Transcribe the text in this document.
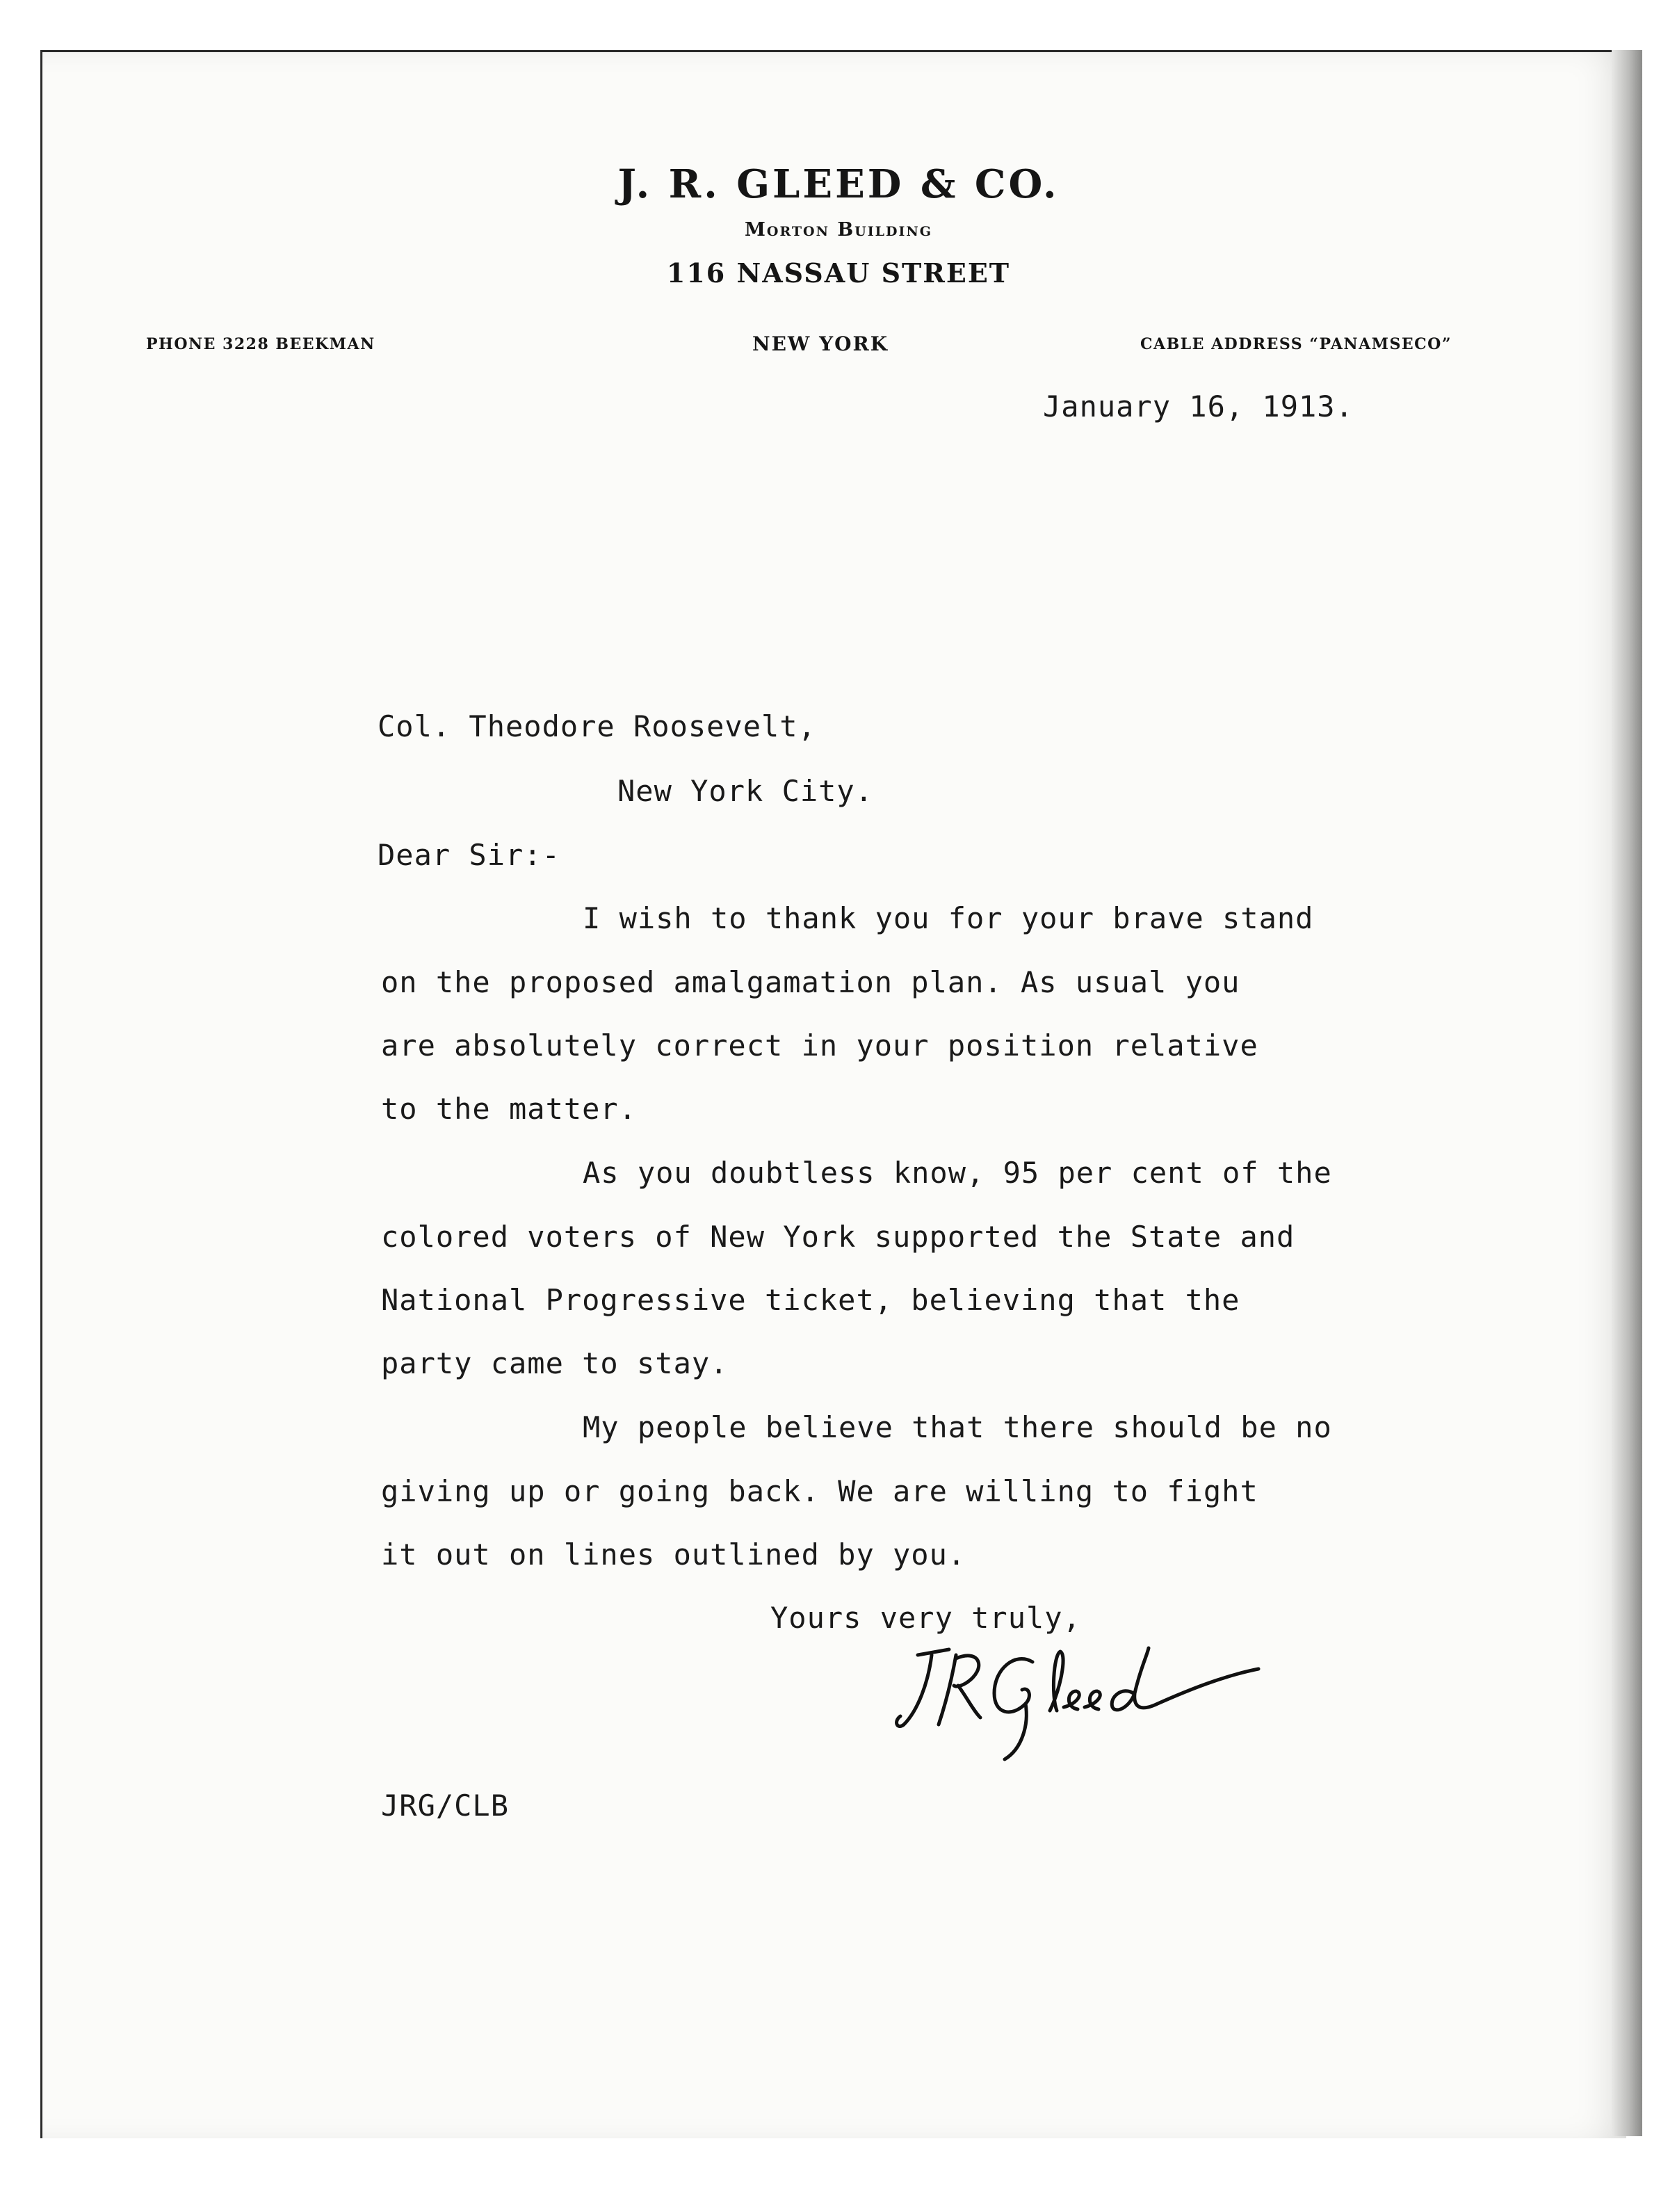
J. R. GLEED & CO.
Morton Building
116 NASSAU STREET
PHONE 3228 BEEKMAN	NEW YORK	CABLE ADDRESS “PANAMSECO”
January 16, 1913.
Col. Theodore Roosevelt,
New York City.
Dear Sir:-
I wish to thank you for your brave stand
on the proposed amalgamation plan. As usual you
are absolutely correct in your position relative
to the matter.
As you doubtless know, 95 per cent of the
colored voters of New York supported the State and
National Progressive ticket, believing that the
party came to stay.
My people believe that there should be no
giving up or going back. We are willing to fight
it out on lines outlined by you.
Yours very truly,
JRG/CLB
